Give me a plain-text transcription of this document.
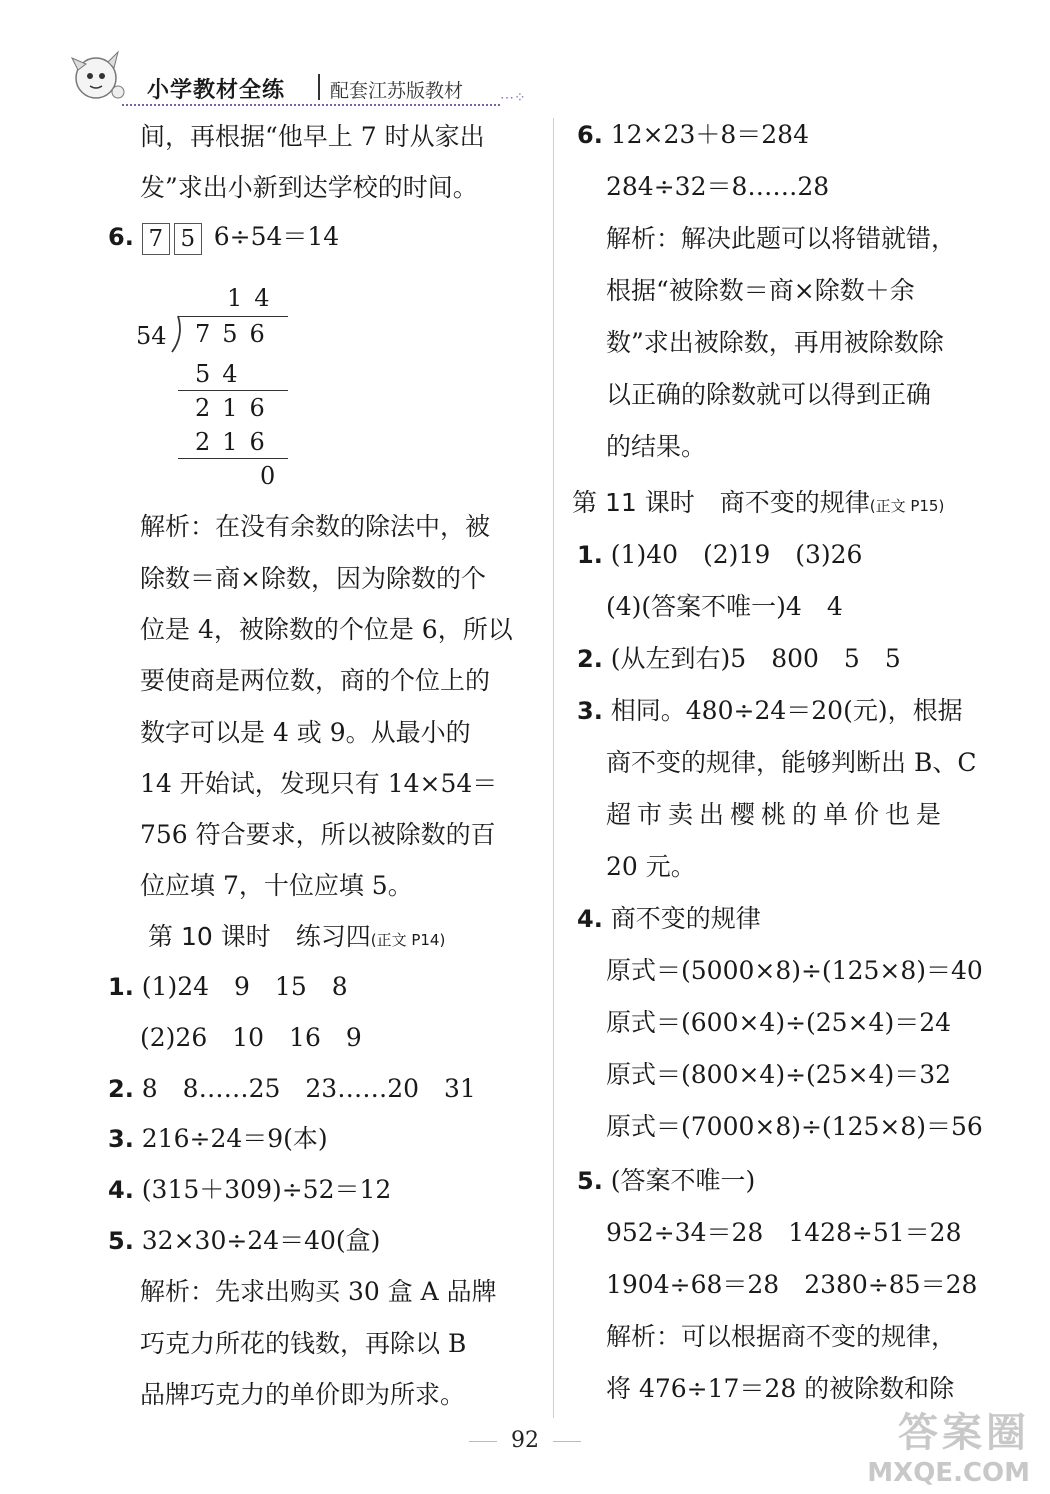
小学教材全练 配套江苏版教材	⋯⁘
间，再根据“他早上 7 时从家出
发”求出小新到达学校的时间。
6. 7 5 6÷54＝14
14
54 756
54
216
216
0
解析：在没有余数的除法中，被
除数＝商×除数，因为除数的个
位是 4，被除数的个位是 6，所以
要使商是两位数，商的个位上的
数字可以是 4 或 9。从最小的
14 开始试，发现只有 14×54＝
756 符合要求，所以被除数的百
位应填 7，十位应填 5。
第 10 课时　练习四(正文 P14)
1. (1)24　9　15　8
(2)26　10　16　9
2. 8　8……25　23……20　31
3. 216÷24＝9(本)
4. (315＋309)÷52＝12
5. 32×30÷24＝40(盒)
解析：先求出购买 30 盒 A 品牌
巧克力所花的钱数，再除以 B
品牌巧克力的单价即为所求。
6. 12×23＋8＝284
284÷32＝8……28
解析：解决此题可以将错就错，
根据“被除数＝商×除数＋余
数”求出被除数，再用被除数除
以正确的除数就可以得到正确
的结果。
第 11 课时　商不变的规律(正文 P15)
1. (1)40　(2)19　(3)26
(4)(答案不唯一)4　4
2. (从左到右)5　800　5　5
3. 相同。480÷24＝20(元)，根据
商不变的规律，能够判断出 B、C
超市卖出樱桃的单价也是
20 元。
4. 商不变的规律
原式＝(5000×8)÷(125×8)＝40
原式＝(600×4)÷(25×4)＝24
原式＝(800×4)÷(25×4)＝32
原式＝(7000×8)÷(125×8)＝56
5. (答案不唯一)
952÷34＝28　1428÷51＝28
1904÷68＝28　2380÷85＝28
解析：可以根据商不变的规律，
将 476÷17＝28 的被除数和除
92	答案圈
MXQE.COM
